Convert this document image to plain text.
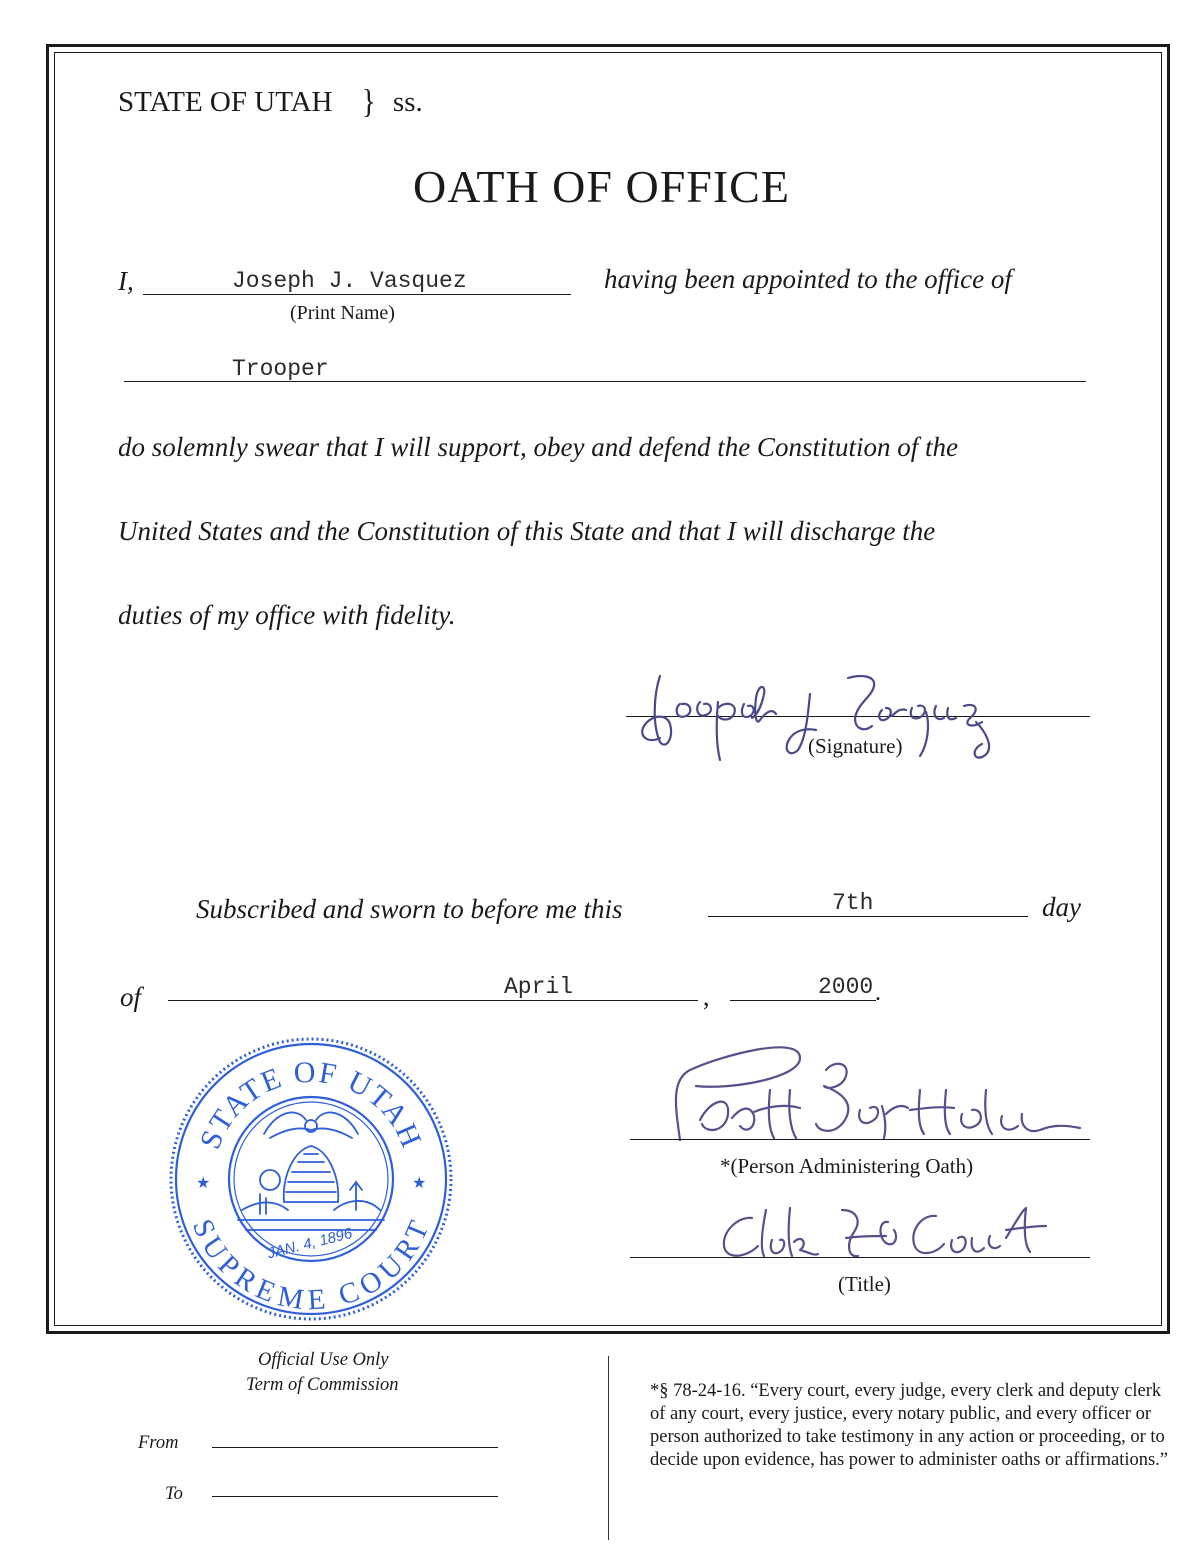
STATE OF UTAH } ss.
OATH OF OFFICE
I,	Joseph J. Vasquez
(Print Name)
having been appointed to the office of
Trooper
do solemnly swear that I will support, obey and defend the Constitution of the
United States and the Constitution of this State and that I will discharge the
duties of my office with fidelity.
(Signature)
Subscribed and sworn to before me this	7th	day
of	April	,	2000 .
STATE OF UTAH
SUPREME COURT
★	★
JAN. 4, 1896
*(Person Administering Oath)
(Title)
Official Use Only
Term of Commission
From
To
*§ 78-24-16. “Every court, every judge, every clerk and deputy clerk of any court, every justice, every notary public, and every officer or person authorized to take testimony in any action or proceeding, or to decide upon evidence, has power to administer oaths or affirmations.”
